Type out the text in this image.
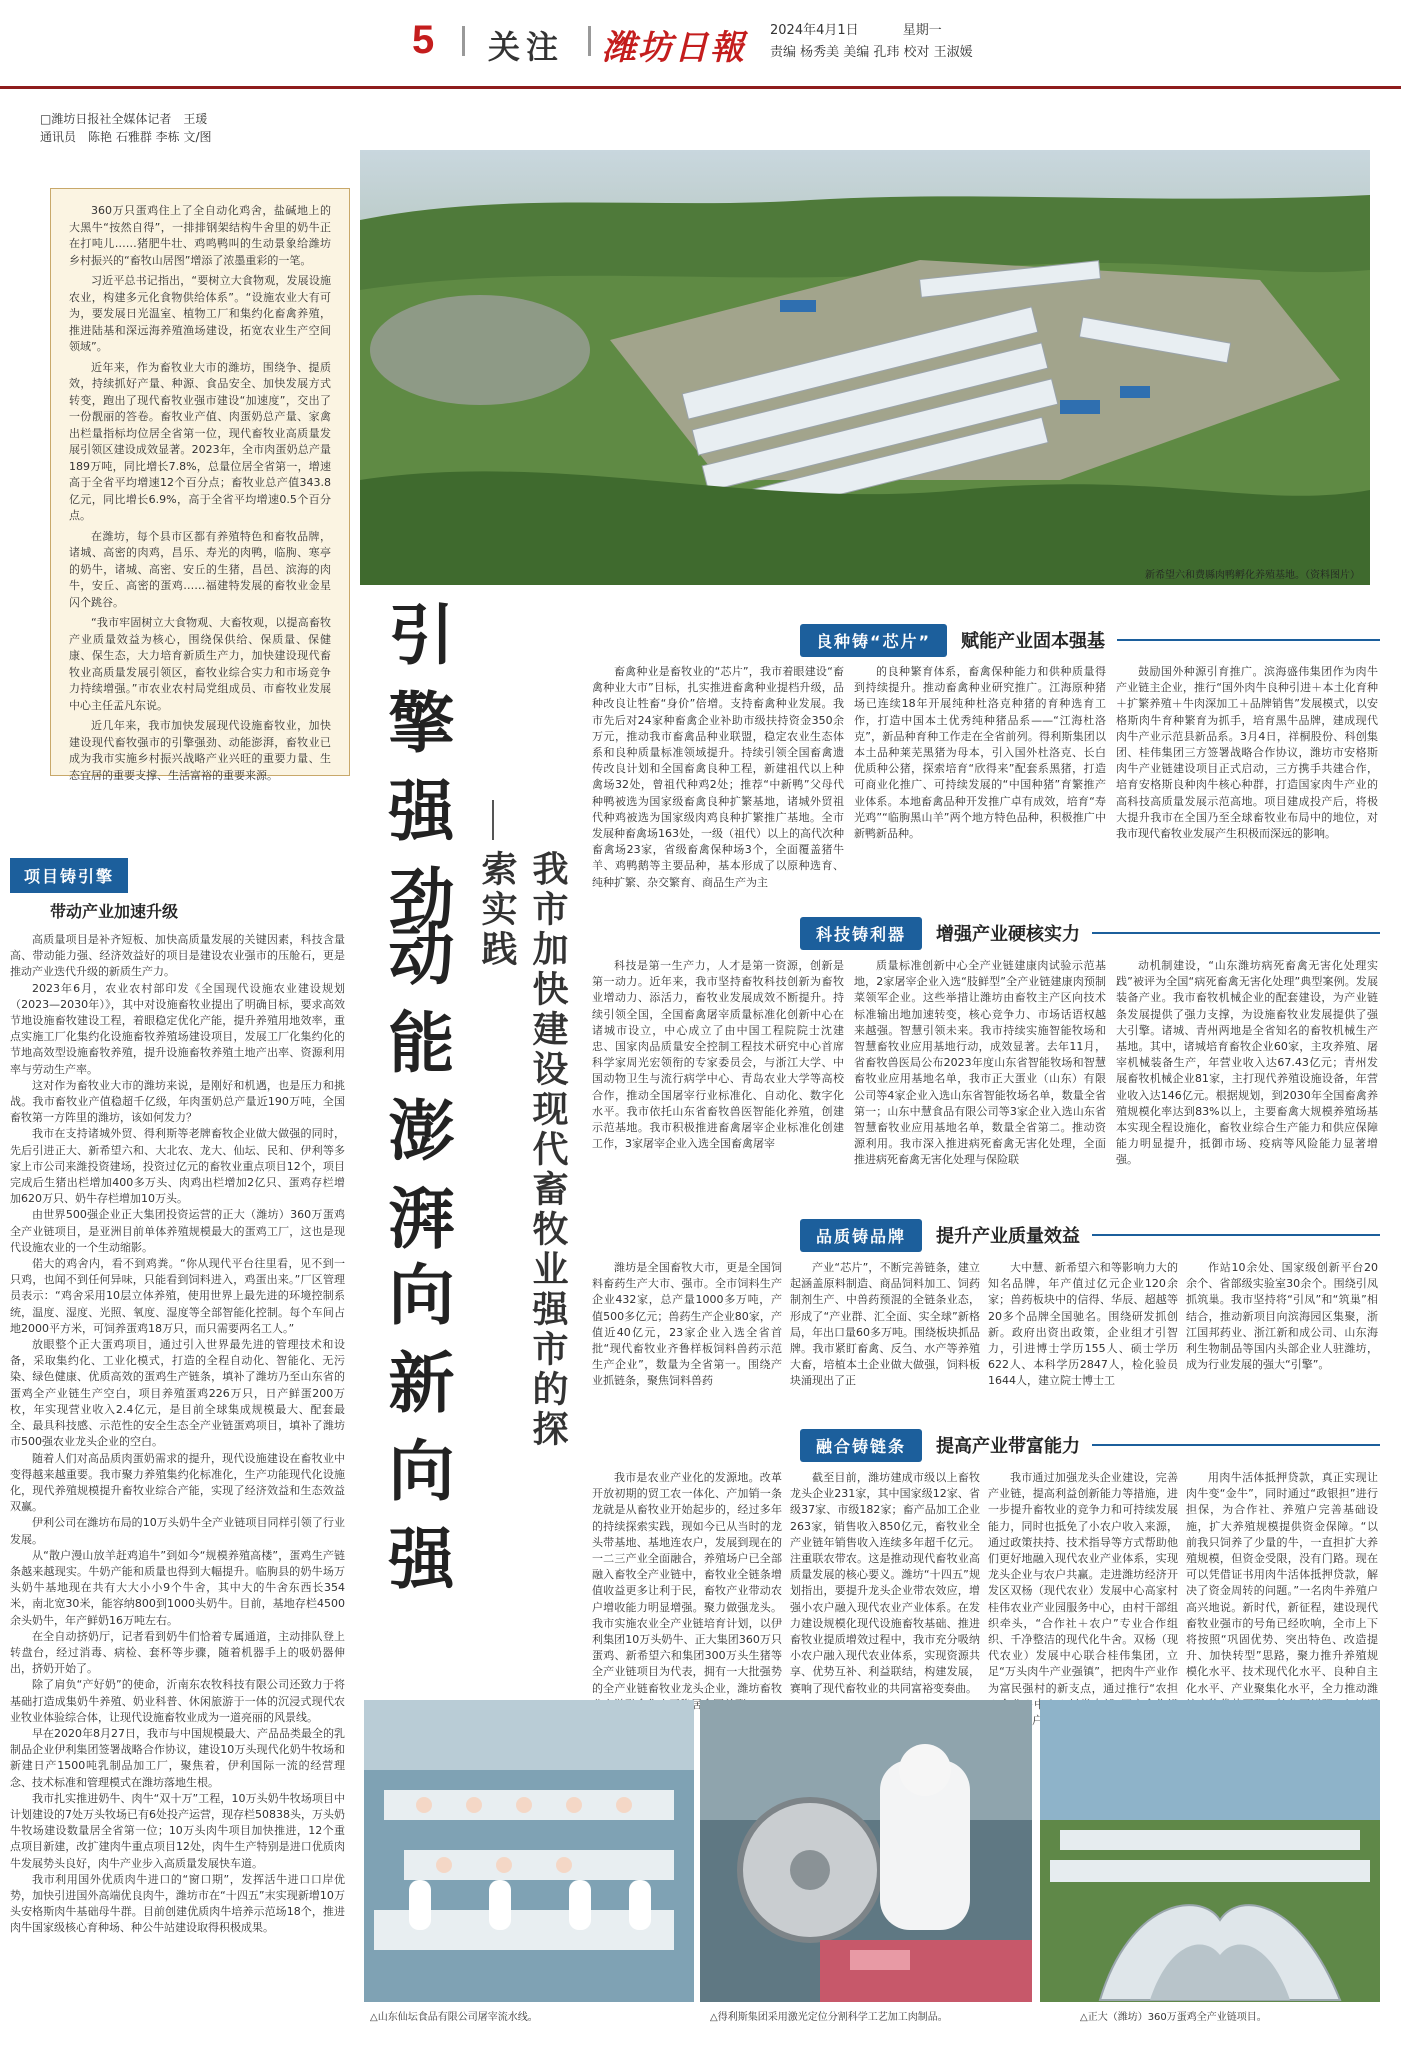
5 关注 潍坊日報 2024年4月1日	星期一
责编 杨秀美 美编 孔玮 校对 王淑媛
□潍坊日报社全媒体记者　 王瑗
通讯员　 陈艳 石雅群 李栋 文/图

360万只蛋鸡住上了全自动化鸡舍，盐碱地上的大黑牛“按然自得”，一排排钢架结构牛舍里的奶牛正在打吨儿……猪肥牛壮、鸡鸣鸭叫的生动景象给潍坊乡村振兴的“畜牧山居图”增添了浓墨重彩的一笔。

习近平总书记指出，“要树立大食物观，发展设施农业，构建多元化食物供给体系”。“设施农业大有可为，要发展日光温室、植物工厂和集约化畜禽养殖，推进陆基和深远海养殖渔场建设，拓宽农业生产空间领域”。

近年来，作为畜牧业大市的潍坊，围绕争、提质效，持续抓好产量、种源、食品安全、加快发展方式转变，跑出了现代畜牧业强市建设“加速度”，交出了一份靓丽的答卷。畜牧业产值、肉蛋奶总产量、家禽出栏量指标均位居全省第一位，现代畜牧业高质量发展引领区建设成效显著。2023年，全市肉蛋奶总产量189万吨，同比增长7.8%，总量位居全省第一，增速高于全省平均增速12个百分点；畜牧业总产值343.8亿元，同比增长6.9%，高于全省平均增速0.5个百分点。

在潍坊，每个县市区都有养殖特色和畜牧品牌，诸城、高密的肉鸡，昌乐、寿光的肉鸭，临朐、寒亭的奶牛，诸城、高密、安丘的生猪，昌邑、滨海的肉牛，安丘、高密的蛋鸡……福建特发展的畜牧业金星闪个跳谷。

“我市牢固树立大食物观、大畜牧观，以提高畜牧产业质量效益为核心，围绕保供给、保质量、保健康、保生态，大力培育新质生产力，加快建设现代畜牧业高质量发展引领区，畜牧业综合实力和市场竞争力持续增强。”市农业农村局党组成员、市畜牧业发展中心主任孟凡东说。

近几年来，我市加快发展现代设施畜牧业，加快建设现代畜牧强市的引擎强劲、动能澎湃，畜牧业已成为我市实施乡村振兴战略产业兴旺的重要力量、生态宜居的重要支撑、生活富裕的重要来源。

新希望六和费縣肉鸭孵化养殖基地。（资料图片）
引擎强劲
动能澎湃
向新向强	我市加快建设现代畜牧业强市的探索实践
项目铸引擎
带动产业加速升级

高质量项目是补齐短板、加快高质量发展的关键因素，科技含量高、带动能力强、经济效益好的项目是建设农业强市的压舱石，更是推动产业迭代升级的新质生产力。

2023年6月，农业农村部印发《全国现代设施农业建设规划（2023—2030年）》，其中对设施畜牧业提出了明确目标，要求高效节地设施畜牧建设工程，着眼稳定优化产能，提升养殖用地效率，重点实施工厂化集约化设施畜牧养殖场建设项目，发展工厂化集约化的节地高效型设施畜牧养殖，提升设施畜牧养殖土地产出率、资源利用率与劳动生产率。

这对作为畜牧业大市的潍坊来说，是刚好和机遇，也是压力和挑战。我市畜牧业产值稳超千亿级，年肉蛋奶总产量近190万吨，全国畜牧第一方阵里的潍坊，该如何发力？

我市在支持诸城外贸、得利斯等老牌畜牧企业做大做强的同时，先后引进正大、新希望六和、大北农、龙大、仙坛、民和、伊利等多家上市公司来潍投资建场，投资过亿元的畜牧业重点项目12个，项目完成后生猪出栏增加400多万头、肉鸡出栏增加2亿只、蛋鸡存栏增加620万只、奶牛存栏增加10万头。

由世界500强企业正大集团投资运营的正大（潍坊）360万蛋鸡全产业链项目，是亚洲目前单体养殖规模最大的蛋鸡工厂，这也是现代设施农业的一个生动缩影。

偌大的鸡舍内，看不到鸡粪。“你从现代平台往里看，见不到一只鸡，也闻不到任何异味，只能看到饲料进入，鸡蛋出来。”厂区管理员表示：“鸡舍采用10层立体养殖，使用世界上最先进的环境控制系统，温度、湿度、光照、氧度、湿度等全部智能化控制。每个车间占地2000平方米，可饲养蛋鸡18万只，而只需要两名工人。”

放眼整个正大蛋鸡项目，通过引入世界最先进的管理技术和设备，采取集约化、工业化模式，打造的全程自动化、智能化、无污染、绿色健康、优质高效的蛋鸡生产链条，填补了潍坊乃至山东省的蛋鸡全产业链生产空白，项目养殖蛋鸡226万只，日产鲜蛋200万枚，年实现营业收入2.4亿元，是目前全球集成规模最大、配套最全、最具科技感、示范性的安全生态全产业链蛋鸡项目，填补了潍坊市500强农业龙头企业的空白。

随着人们对高品质肉蛋奶需求的提升，现代设施建设在畜牧业中变得越来越重要。我市聚力养殖集约化标准化，生产功能现代化设施化，现代养殖规模提升畜牧业综合产能，实现了经济效益和生态效益双赢。

伊利公司在潍坊布局的10万头奶牛全产业链项目同样引领了行业发展。

从“散户漫山放羊赶鸡追牛”到如今“规模养殖高楼”，蛋鸡生产链条越来越现实。牛奶产能和质量也得到大幅提升。临朐县的奶牛场万头奶牛基地现在共有大大小小9个牛舍，其中大的牛舍东西长354米，南北宽30米，能容纳800到1000头奶牛。目前，基地存栏4500余头奶牛，年产鲜奶16万吨左右。

在全自动挤奶厅，记者看到奶牛们恰着专属通道，主动排队登上转盘台，经过消毒、病检、套杯等步骤，随着机器手上的吸奶器伸出，挤奶开始了。

除了肩负“产好奶”的使命，沂南东农牧科技有限公司还致力于将基础打造成集奶牛养殖、奶业科普、休闲旅游于一体的沉浸式现代农业牧业体验综合体，让现代设施畜牧业成为一道亮丽的风景线。

早在2020年8月27日，我市与中国规模最大、产品品类最全的乳制品企业伊利集团签署战略合作协议，建设10万头现代化奶牛牧场和新建日产1500吨乳制品加工厂，聚焦着，伊利国际一流的经营理念、技术标准和管理模式在潍坊落地生根。

我市扎实推进奶牛、肉牛“双十万”工程，10万头奶牛牧场项目中计划建设的7处万头牧场已有6处投产运营，现存栏50838头，万头奶牛牧场建设数量居全省第一位；10万头肉牛项目加快推进，12个重点项目新建，改扩建肉牛重点项目12处，肉牛生产特别是进口优质肉牛发展势头良好，肉牛产业步入高质量发展快车道。

我市利用国外优质肉牛进口的“窗口期”，发挥活牛进口口岸优势，加快引进国外高端优良肉牛，潍坊市在“十四五”末实现新增10万头安格斯肉牛基础母牛群。目前创建优质肉牛培养示范场18个，推进肉牛国家级核心育种场、种公牛站建设取得积极成果。

良种铸“芯片”	赋能产业固本强基

畜禽种业是畜牧业的“芯片”，我市着眼建设“畜禽种业大市”目标，扎实推进畜禽种业提档升级，品种改良让牲畜“身价”倍增。支持畜禽种业发展。我市先后对24家种畜禽企业补助市级扶持资金350余万元，推动我市畜禽品种业联盟，稳定农业生态体系和良种质量标准领域提升。持续引领全国畜禽遗传改良计划和全国畜禽良种工程，新建祖代以上种禽场32处，曾祖代种鸡2处；推荐“中新鸭”父母代种鸭被选为国家级畜禽良种扩繁基地，诸城外贸祖代种鸡被选为国家级肉鸡良种扩繁推广基地。全市发展种畜禽场163处，一级（祖代）以上的高代次种畜禽场23家，省级畜禽保种场3个，全面覆盖猪牛羊、鸡鸭鹅等主要品种，基本形成了以原种选育、纯种扩繁、杂交繁育、商品生产为主

的良种繁育体系，畜禽保种能力和供种质量得到持续提升。推动畜禽种业研究推广。江海原种猪场已连续18年开展纯种杜洛克种猪的育种选育工作，打造中国本土优秀纯种猪品系——“江海杜洛克”，新品种育种工作走在全省前列。得利斯集团以本土品种莱芜黑猪为母本，引入国外杜洛克、长白优质种公猪，探索培育“欣得来”配套系黑猪，打造可商业化推广、可持续发展的“中国种猪”育繁推产业体系。本地畜禽品种开发推广卓有成效，培育“寿光鸡”“临朐黑山羊”两个地方特色品种，积极推广中新鸭新品种。

鼓励国外种源引育推广。滨海盛伟集团作为肉牛产业链主企业，推行“国外肉牛良种引进＋本土化育种＋扩繁养殖＋牛肉深加工＋品牌销售”发展模式，以安格斯肉牛育种繁育为抓手，培育黑牛品牌，建成现代肉牛产业示范县新品系。3月4日，祥桐股份、科创集团、桂伟集团三方签署战略合作协议，潍坊市安格斯肉牛产业链建设项目正式启动，三方携手共建合作，培育安格斯良种肉牛核心种群，打造国家肉牛产业的高科技高质量发展示范高地。项目建成投产后，将极大提升我市在全国乃至全球畜牧业布局中的地位，对我市现代畜牧业发展产生积极而深远的影响。

科技铸利器	增强产业硬核实力

科技是第一生产力，人才是第一资源，创新是第一动力。近年来，我市坚持畜牧科技创新为畜牧业增动力、添活力，畜牧业发展成效不断提升。持续引领全国，全国畜禽屠宰质量标准化创新中心在诸城市设立，中心成立了由中国工程院院士沈建忠、国家肉品质量安全控制工程技术研究中心首席科学家周光宏领衔的专家委员会，与浙江大学、中国动物卫生与流行病学中心、青岛农业大学等高校合作，推动全国屠宰行业标准化、自动化、数字化水平。我市依托山东省畜牧兽医智能化养殖，创建示范基地。我市积极推进畜禽屠宰企业标准化创建工作，3家屠宰企业入选全国畜禽屠宰

质量标准创新中心全产业链建康肉试验示范基地，2家屠宰企业入选“肢鲜型”全产业链建康肉预制菜领军企业。这些举措让潍坊由畜牧主产区向技术标准输出地加速转变，核心竞争力、市场话语权越来越强。智慧引领未来。我市持续实施智能牧场和智慧畜牧业应用基地行动，成效显著。去年11月，省畜牧兽医局公布2023年度山东省智能牧场和智慧畜牧业应用基地名单，我市正大蛋业（山东）有限公司等4家企业入选山东省智能牧场名单，数量全省第一；山东中慧食品有限公司等3家企业入选山东省智慧畜牧业应用基地名单，数量全省第二。推动资源利用。我市深入推进病死畜禽无害化处理，全面推进病死畜禽无害化处理与保险联

动机制建设，“山东潍坊病死畜禽无害化处理实践”被评为全国“病死畜禽无害化处理”典型案例。发展装备产业。我市畜牧机械企业的配套建设，为产业链条发展提供了强力支撑，为设施畜牧业发展提供了强大引擎。诸城、青州两地是全省知名的畜牧机械生产基地。其中，诸城培育畜牧企业60家，主攻养殖、屠宰机械装备生产，年营业收入达67.43亿元；青州发展畜牧机械企业81家，主打现代养殖设施设备，年营业收入达146亿元。根据规划，到2030年全国畜禽养殖规模化率达到83%以上，主要畜禽大规模养殖场基本实现全程设施化，畜牧业综合生产能力和供应保障能力明显提升，抵御市场、疫病等风险能力显著增强。

品质铸品牌	提升产业质量效益

潍坊是全国畜牧大市，更是全国饲料畜药生产大市、强市。全市饲料生产企业432家，总产量1000多万吨，产值500多亿元；兽药生产企业80家，产值近40亿元，23家企业入选全省首批“现代畜牧业齐鲁样板饲料兽药示范生产企业”，数量为全省第一。围绕产业抓链条，聚焦饲料兽药

产业“芯片”，不断完善链条，建立起涵盖原料制造、商品饲料加工、饲药制剂生产、中兽药预混的全链条业态，形成了“产业群、汇全面、实全球”新格局，年出口量60多万吨。围绕板块抓品牌。我市紧盯畜禽、反刍、水产等养殖大畜，培植本土企业做大做强，饲料板块涌现出了正

大中慧、新希望六和等影响力大的知名品牌，年产值过亿元企业120余家；兽药板块中的信得、华辰、超越等20多个品牌全国驰名。围绕研发抓创新。政府出资出政策，企业组才引智力，引进博士学历155人、硕士学历622人、本科学历2847人，检化验员1644人，建立院士博士工

作站10余处、国家级创新平台20余个、省部级实验室30余个。围绕引凤抓筑巢。我市坚持将“引凤”和“筑巢”相结合，推动新项目向滨海园区集聚，浙江国邦药业、浙江新和成公司、山东海利生物制品等国内头部企业人驻潍坊，成为行业发展的强大“引擎”。

融合铸链条	提高产业带富能力

我市是农业产业化的发源地。改革开放初期的贸工农一体化、产加销一条龙就是从畜牧业开始起步的，经过多年的持续探索实践，现如今已从当时的龙头带基地、基地连农户，发展到现在的一二三产业全面融合，养殖场户已全部融入畜牧全产业链中，畜牧业全链条增值收益更多让利于民，畜牧产业带动农户增收能力明显增强。聚力做强龙头。我市实施农业全产业链培育计划，以伊利集团10万头奶牛、正大集团360万只蛋鸡、新希望六和集团300万头生猪等全产业链项目为代表，拥有一大批强势的全产业链畜牧业龙头企业，潍坊畜牧 居

截至目前，潍坊建成市级以上畜牧龙头企业231家，其中国家级12家、省级37家、市级182家；畜产品加工企业263家，销售收入850亿元，畜牧业全产业链年销售收入连续多年超千亿元。注重联农带农。这是推动现代畜牧业高质量发展的核心要义。潍坊“十四五”规划指出，要提升龙头企业带农效应，增强小农户融入现代农业产业体系。在发力建设规模化现代设施畜牧基础、推进畜牧业提质增效过程中，我市充分吸纳小农户融入现代农业体系，实现资源共享、优势互补、利益联结，构建发展，赛响了现代畜牧业的共同富裕变奏曲。

我市通过加强龙头企业建设，完善产业链，提高利益创新能力等措施，进一步提升畜牧业的竞争力和可持续发展能力，同时也抵免了小农户收入来源，通过政策扶持、技术指导等方式帮助他们更好地融入现代农业产业体系，实现龙头企业与农户共赢。走进潍坊经济开发区双杨（现代农业）发展中心高家村桂伟农业产业园服务中心，由村干部组织牵头，“合作社＋农户”专业合作组织、千净整洁的现代化牛舍。双杨（现代农业）发展中心联合桂伟集团，立足“万头肉牛产业强镇”，把肉牛产业作为富民强村的新支点，通过推行“农担 ＋中 养殖户可以

用肉牛活体抵押贷款，真正实现让肉牛变“金牛”，同时通过“政银担”进行担保，为合作社、养殖户完善基础设施，扩大养殖规模提供资金保障。“以前我只饲养了少量的牛，一直担扩大养殖规模，但资金受限，没有门路。现在可以凭借证书用肉牛活体抵押贷款，解决了资金周转的问题。”一名肉牛养殖户高兴地说。新时代，新征程，建设现代畜牧业强市的号角已经吹响，全市上下将按照“巩固优势、突出特色、改造提升、加快转型”思路，聚力推升养殖规模化水平、技术现代化水平、良种自主化水平、产业聚集化水平，全力推动潍

△山东仙坛食品有限公司屠宰流水线。	△得利斯集团采用激光定位分割科学工艺加工肉制品。	△正大（潍坊）360万蛋鸡全产业链项目。
